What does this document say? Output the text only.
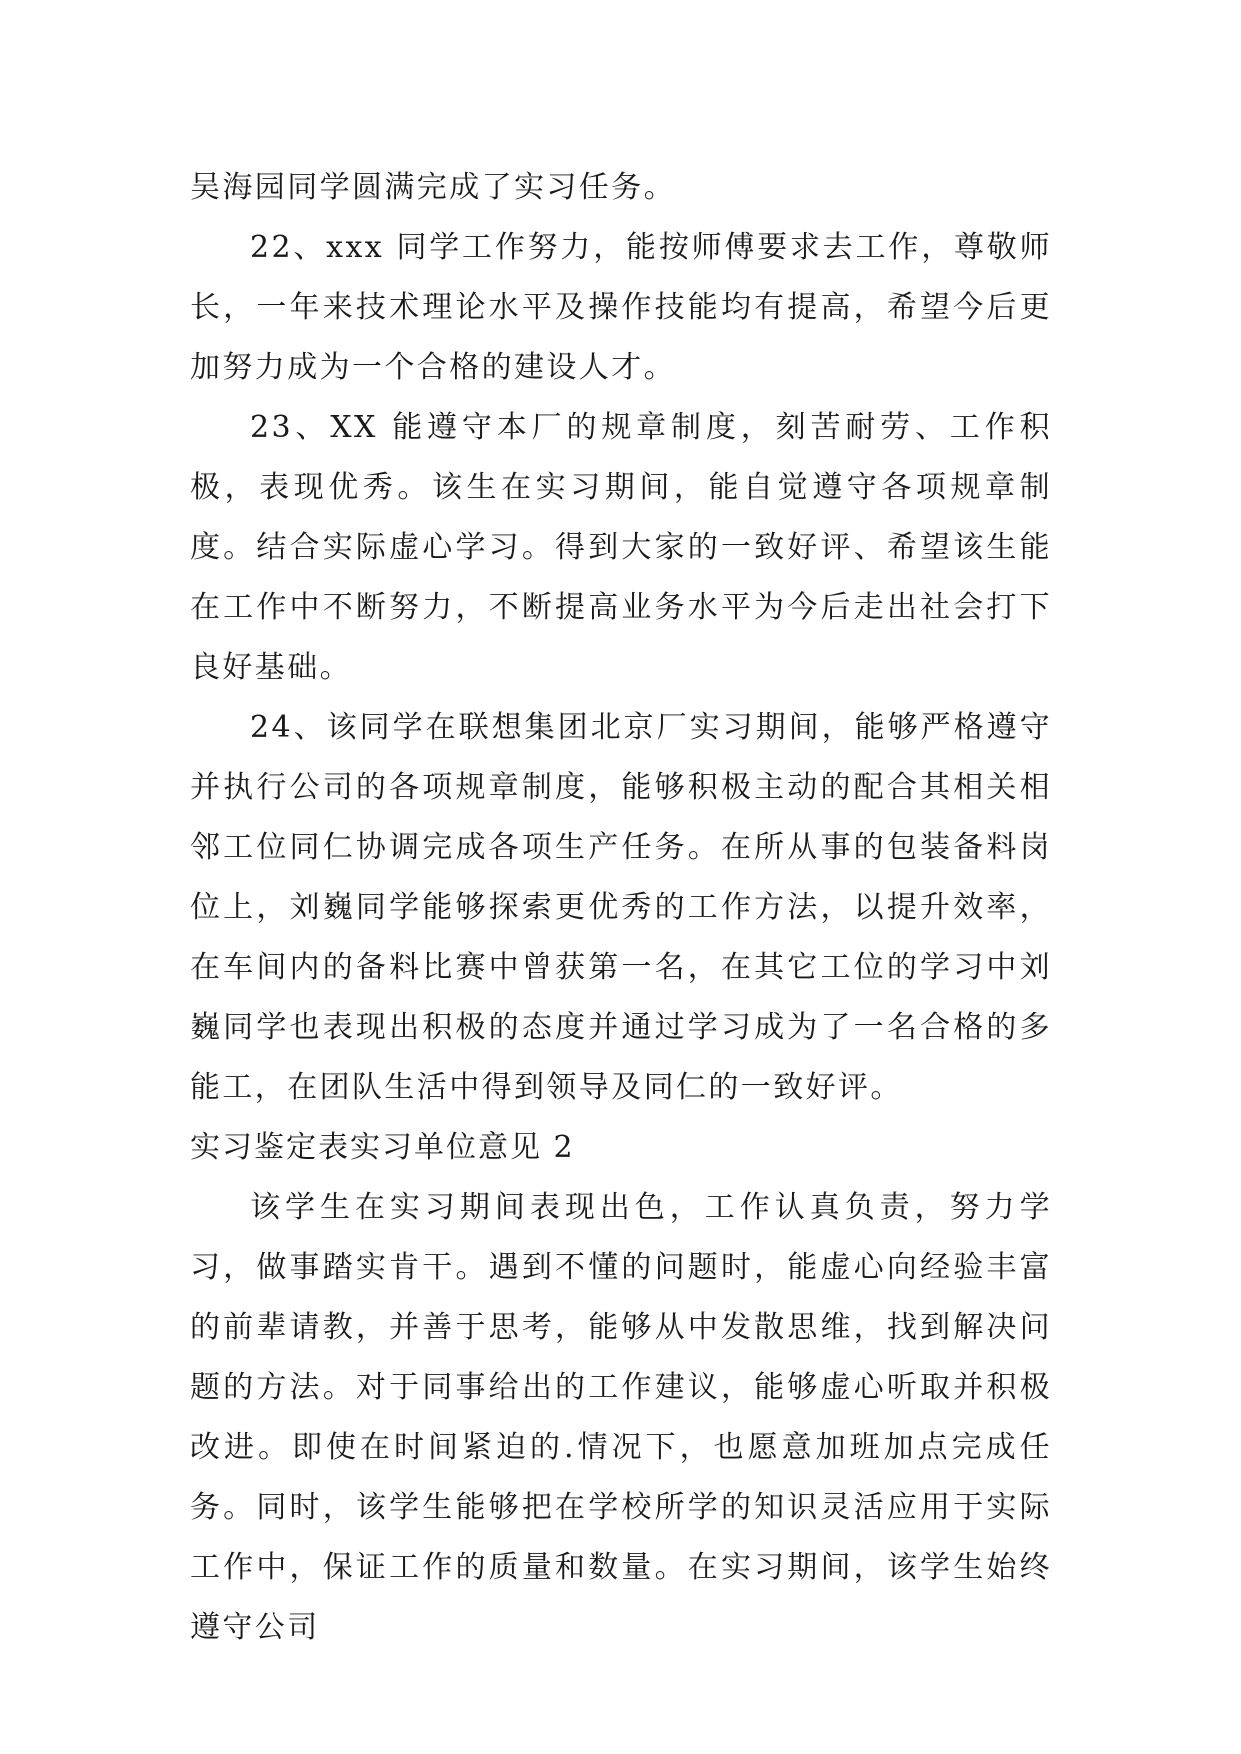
吴海园同学圆满完成了实习任务。

22、xxx 同学工作努力，能按师傅要求去工作，尊敬师长，一年来技术理论水平及操作技能均有提高，希望今后更加努力成为一个合格的建设人才。

23、XX 能遵守本厂的规章制度，刻苦耐劳、工作积极，表现优秀。该生在实习期间，能自觉遵守各项规章制度。结合实际虚心学习。得到大家的一致好评、希望该生能在工作中不断努力，不断提高业务水平为今后走出社会打下良好基础。

24、该同学在联想集团北京厂实习期间，能够严格遵守并执行公司的各项规章制度，能够积极主动的配合其相关相邻工位同仁协调完成各项生产任务。在所从事的包装备料岗位上，刘巍同学能够探索更优秀的工作方法，以提升效率，在车间内的备料比赛中曾获第一名，在其它工位的学习中刘巍同学也表现出积极的态度并通过学习成为了一名合格的多能工，在团队生活中得到领导及同仁的一致好评。

实习鉴定表实习单位意见 2

该学生在实习期间表现出色，工作认真负责，努力学习，做事踏实肯干。遇到不懂的问题时，能虚心向经验丰富的前辈请教，并善于思考，能够从中发散思维，找到解决问题的方法。对于同事给出的工作建议，能够虚心听取并积极改进。即使在时间紧迫的.情况下，也愿意加班加点完成任务。同时，该学生能够把在学校所学的知识灵活应用于实际工作中，保证工作的质量和数量。在实习期间，该学生始终遵守公司
